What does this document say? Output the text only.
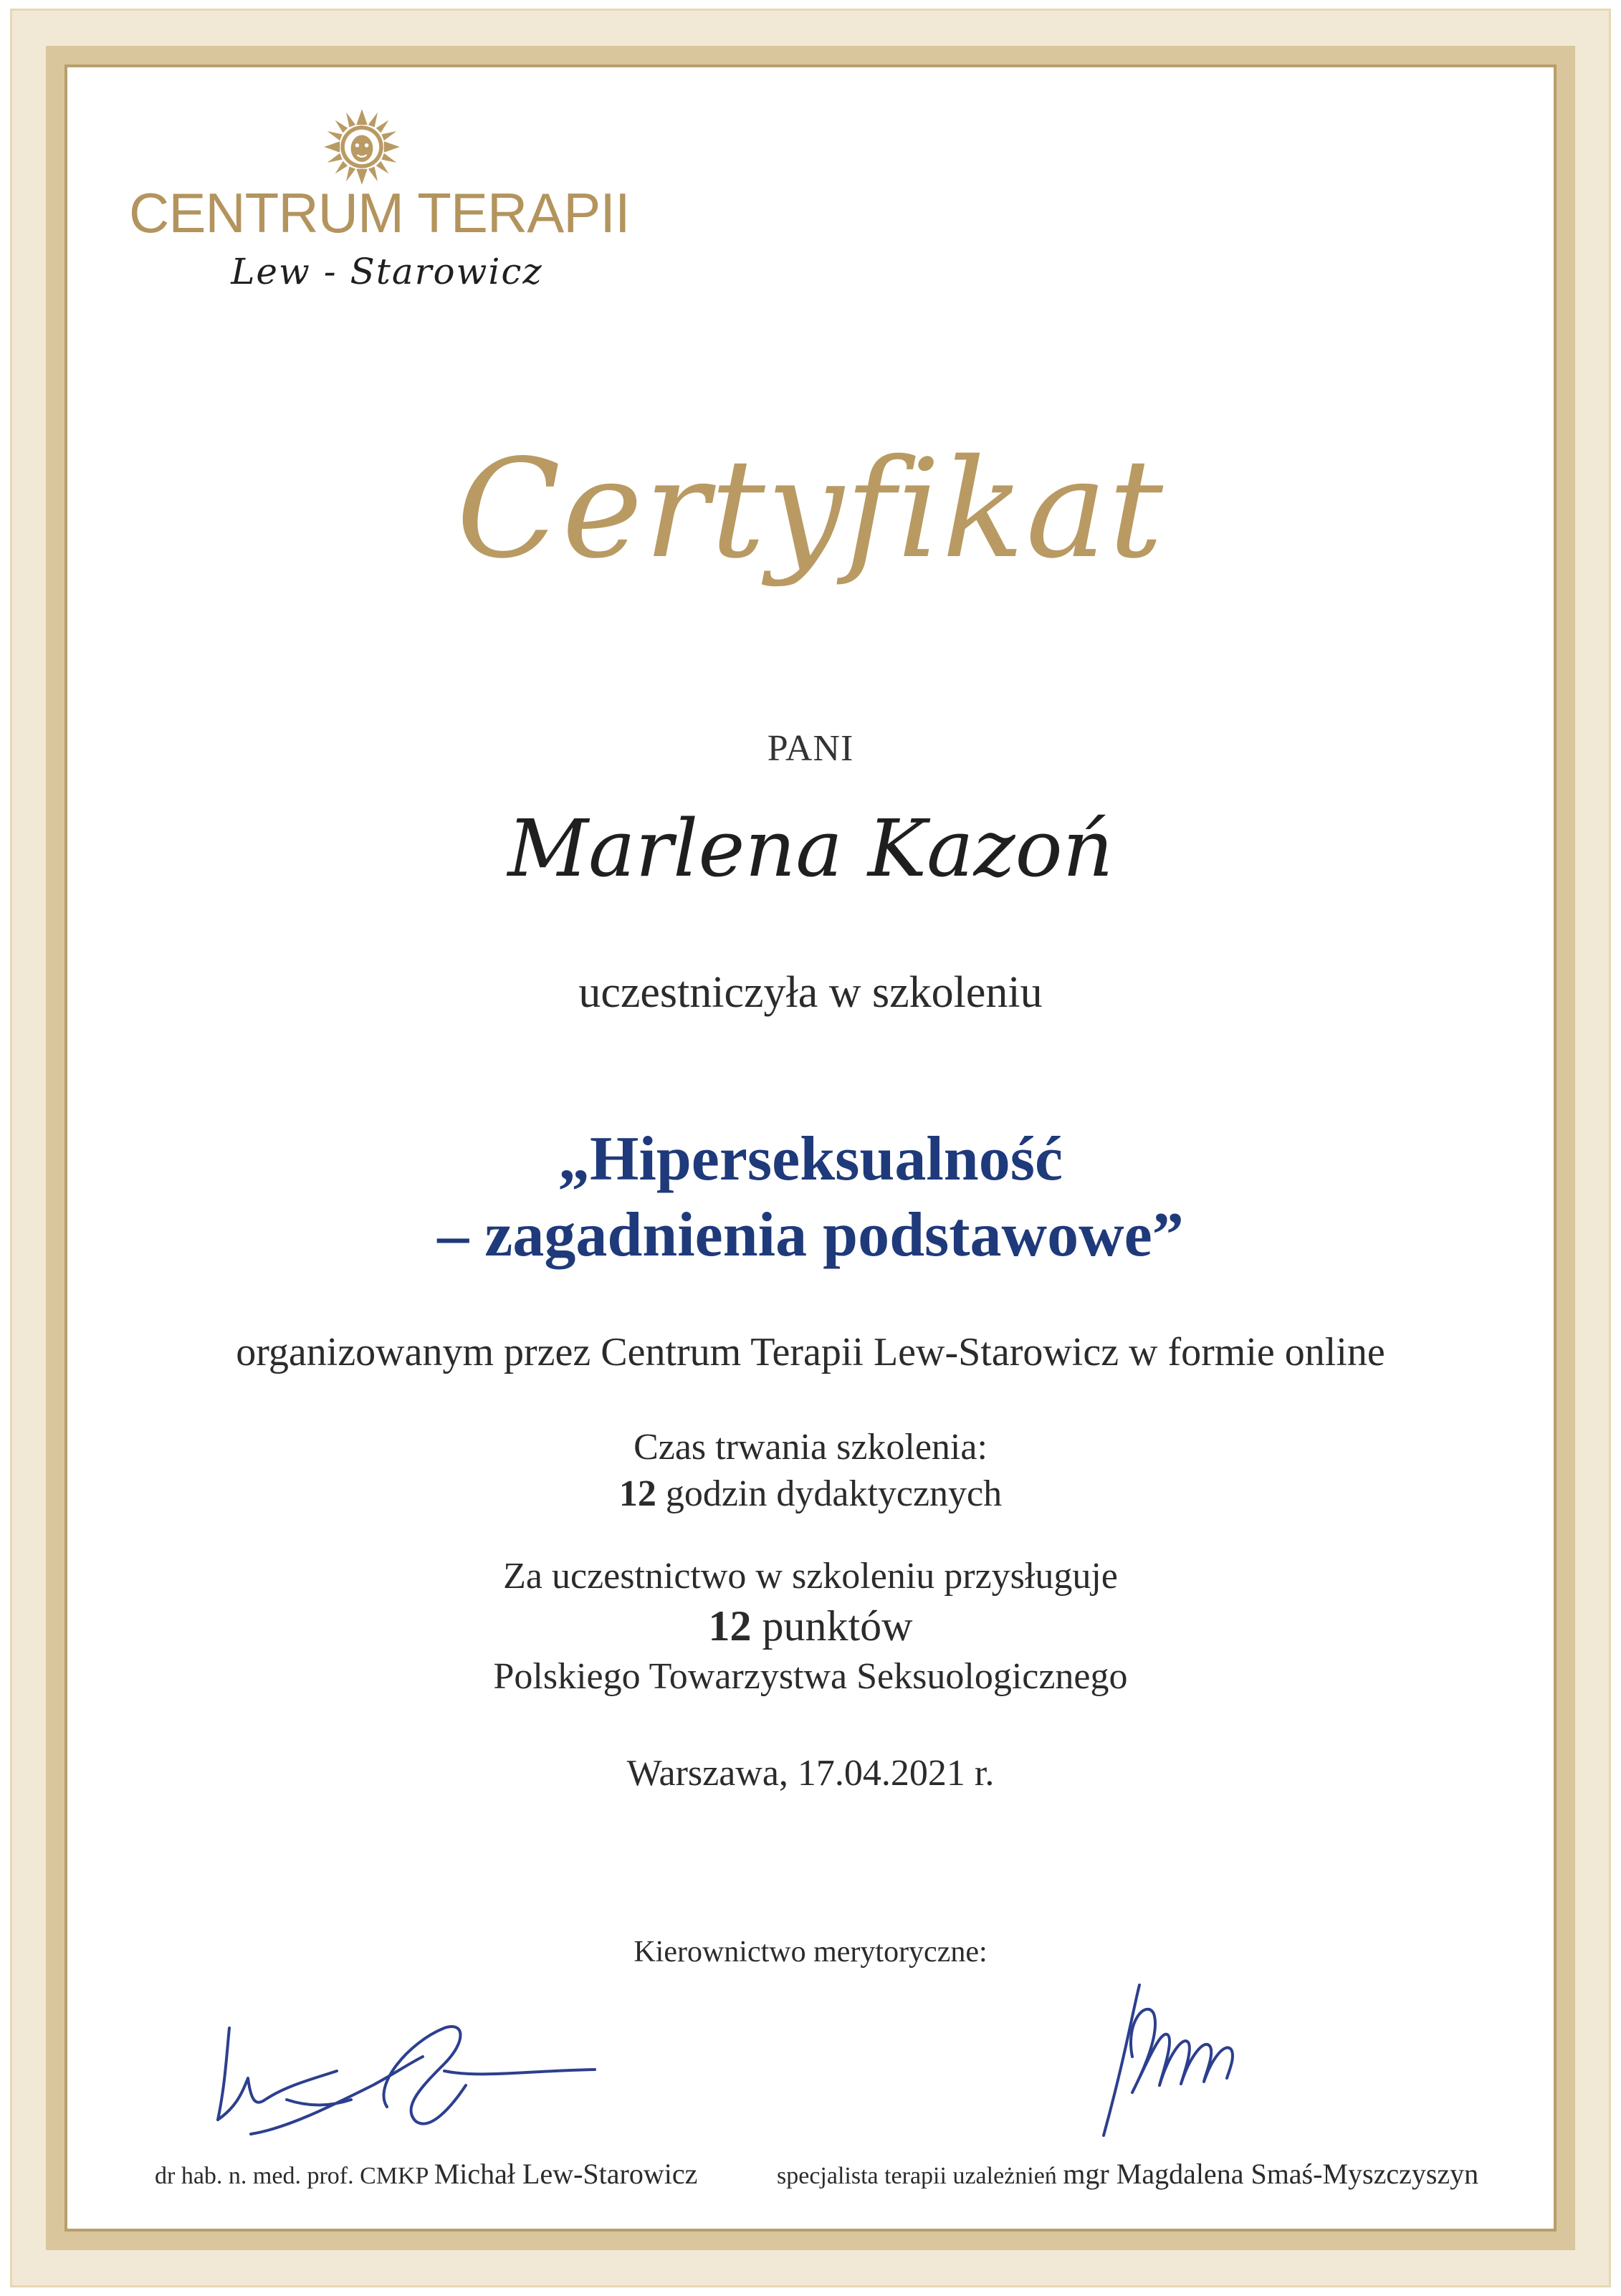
CENTRUM TERAPII
Lew - Starowicz
Certyfikat
PANI
Marlena Kazoń
uczestniczyła w szkoleniu
„Hiperseksualność
– zagadnienia podstawowe”
organizowanym przez Centrum Terapii Lew-Starowicz w formie online
Czas trwania szkolenia:
12 godzin dydaktycznych
Za uczestnictwo w szkoleniu przysługuje
12 punktów
Polskiego Towarzystwa Seksuologicznego
Warszawa, 17.04.2021 r.
Kierownictwo merytoryczne:
dr hab. n. med. prof. CMKP Michał Lew-Starowicz	specjalista terapii uzależnień mgr Magdalena Smaś-Myszczyszyn
